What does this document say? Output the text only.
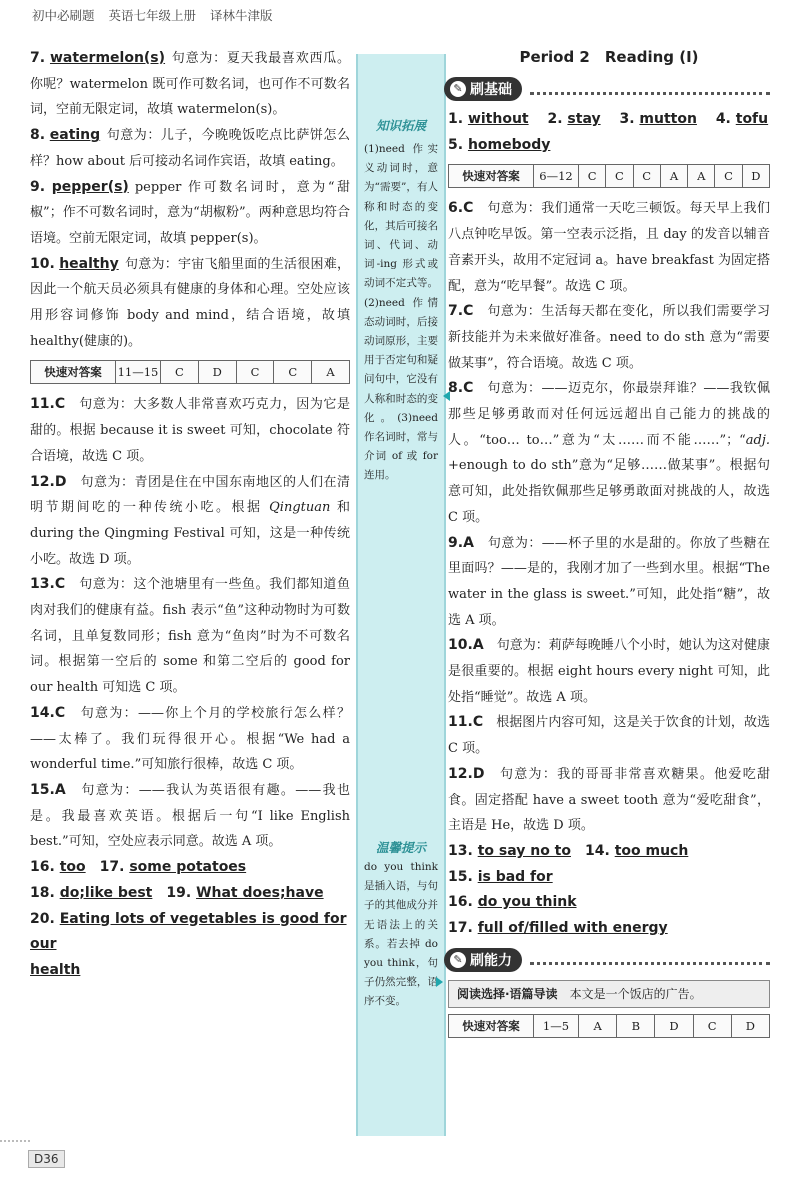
初中必刷题 英语七年级上册 译林牛津版

7. watermelon(s) 句意为：夏天我最喜欢西瓜。你呢？watermelon 既可作可数名词，也可作不可数名词，空前无限定词，故填 watermelon(s)。

8. eating 句意为：儿子，今晚晚饭吃点比萨饼怎么样？how about 后可接动名词作宾语，故填 eating。

9. pepper(s) pepper 作可数名词时，意为“甜椒”；作不可数名词时，意为“胡椒粉”。两种意思均符合语境。空前无限定词，故填 pepper(s)。

10. healthy 句意为：宇宙飞船里面的生活很困难，因此一个航天员必须具有健康的身体和心理。空处应该用形容词修饰 body and mind，结合语境，故填 healthy(健康的)。

快速对答案	11—15	C	D	C	C	A

11.C　 句意为：大多数人非常喜欢巧克力，因为它是甜的。根据 because it is sweet 可知，chocolate 符合语境，故选 C 项。

12.D　 句意为：青团是住在中国东南地区的人们在清明节期间吃的一种传统小吃。根据 Qingtuan 和 during the Qingming Festival 可知，这是一种传统小吃。故选 D 项。

13.C　 句意为：这个池塘里有一些鱼。我们都知道鱼肉对我们的健康有益。fish 表示“鱼”这种动物时为可数名词，且单复数同形；fish 意为“鱼肉”时为不可数名词。根据第一空后的 some 和第二空后的 good for our health 可知选 C 项。

14.C　 句意为：——你上个月的学校旅行怎么样？——太棒了。我们玩得很开心。根据“We had a wonderful time.”可知旅行很棒，故选 C 项。

15.A　 句意为：——我认为英语很有趣。——我也是。我最喜欢英语。根据后一句“I like English best.”可知，空处应表示同意。故选 A 项。

16. too 17. some potatoes

18. do;like best 19. What does;have

20. Eating lots of vegetables is good for our
health

知识拓展
(1)need 作实义动词时，意为“需要”，有人称和时态的变化，其后可接名词、代词、动词-ing 形式或动词不定式等。(2)need 作情态动词时，后接动词原形，主要用于否定句和疑问句中，它没有人称和时态的变化。(3)need 作名词时，常与介词 of 或 for 连用。
温馨提示
do you think 是插入语，与句子的其他成分并无语法上的关系。若去掉 do you think，句子仍然完整，语序不变。
Period 2　Reading (Ⅰ)
✎ 刷基础

1. without 2. stay 3. mutton 4. tofu

5. homebody

快速对答案	6—12	C	C	C	A	A	C	D

6.C　 句意为：我们通常一天吃三顿饭。每天早上我们八点钟吃早饭。第一空表示泛指，且 day 的发音以辅音音素开头，故用不定冠词 a。have breakfast 为固定搭配，意为“吃早餐”。故选 C 项。

7.C　 句意为：生活每天都在变化，所以我们需要学习新技能并为未来做好准备。need to do sth 意为“需要做某事”，符合语境。故选 C 项。

8.C　 句意为：——迈克尔，你最崇拜谁？——我钦佩那些足够勇敢而对任何远远超出自己能力的挑战的人。“too… to…”意为“太……而不能……”；“adj. +enough to do sth”意为“足够……做某事”。根据句意可知，此处指钦佩那些足够勇敢面对挑战的人，故选 C 项。

9.A　 句意为：——杯子里的水是甜的。你放了些糖在里面吗？——是的，我刚才加了一些到水里。根据“The water in the glass is sweet.”可知，此处指“糖”，故选 A 项。

10.A　 句意为：莉萨每晚睡八个小时，她认为这对健康是很重要的。根据 eight hours every night 可知，此处指“睡觉”。故选 A 项。

11.C　 根据图片内容可知，这是关于饮食的计划，故选 C 项。

12.D　 句意为：我的哥哥非常喜欢糖果。他爱吃甜食。固定搭配 have a sweet tooth 意为“爱吃甜食”，主语是 He，故选 D 项。

13. to say no to 14. too much

15. is bad for

16. do you think

17. full of/filled with energy

✎ 刷能力
阅读选择·语篇导读　 本文是一个饭店的广告。
快速对答案	1—5	A	B	D	C	D
D36
